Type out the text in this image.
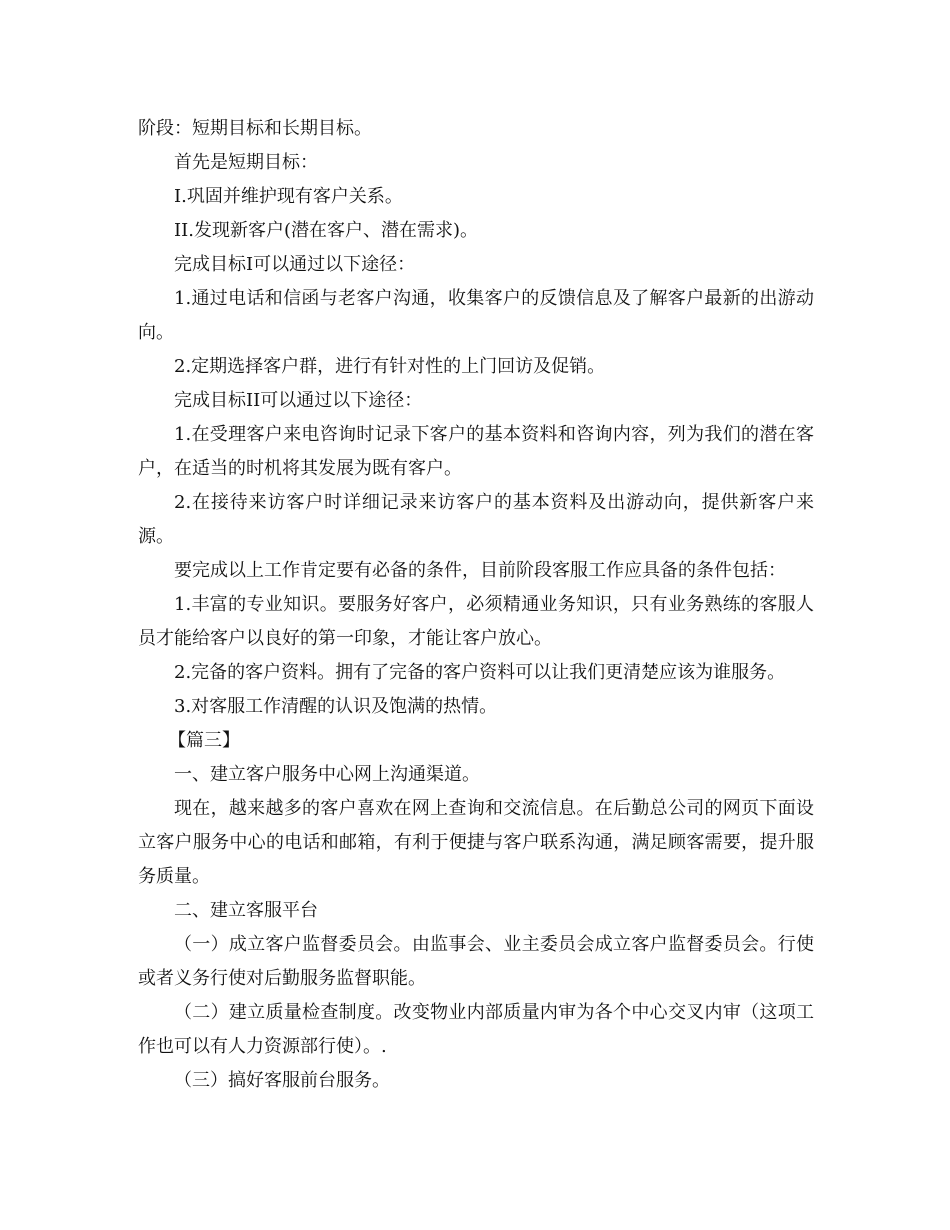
阶段：短期目标和长期目标。

首先是短期目标：

I.巩固并维护现有客户关系。

II.发现新客户(潜在客户、潜在需求)。

完成目标I可以通过以下途径：

1.通过电话和信函与老客户沟通，收集客户的反馈信息及了解客户最新的出游动向。

2.定期选择客户群，进行有针对性的上门回访及促销。

完成目标II可以通过以下途径：

1.在受理客户来电咨询时记录下客户的基本资料和咨询内容，列为我们的潜在客户，在适当的时机将其发展为既有客户。

2.在接待来访客户时详细记录来访客户的基本资料及出游动向，提供新客户来源。

要完成以上工作肯定要有必备的条件，目前阶段客服工作应具备的条件包括：

1.丰富的专业知识。要服务好客户，必须精通业务知识，只有业务熟练的客服人员才能给客户以良好的第一印象，才能让客户放心。

2.完备的客户资料。拥有了完备的客户资料可以让我们更清楚应该为谁服务。

3.对客服工作清醒的认识及饱满的热情。

【篇三】

一、建立客户服务中心网上沟通渠道。

现在，越来越多的客户喜欢在网上查询和交流信息。在后勤总公司的网页下面设立客户服务中心的电话和邮箱，有利于便捷与客户联系沟通，满足顾客需要，提升服务质量。

二、建立客服平台

（一）成立客户监督委员会。由监事会、业主委员会成立客户监督委员会。行使或者义务行使对后勤服务监督职能。

（二）建立质量检查制度。改变物业内部质量内审为各个中心交叉内审（这项工作也可以有人力资源部行使）。.

（三）搞好客服前台服务。
